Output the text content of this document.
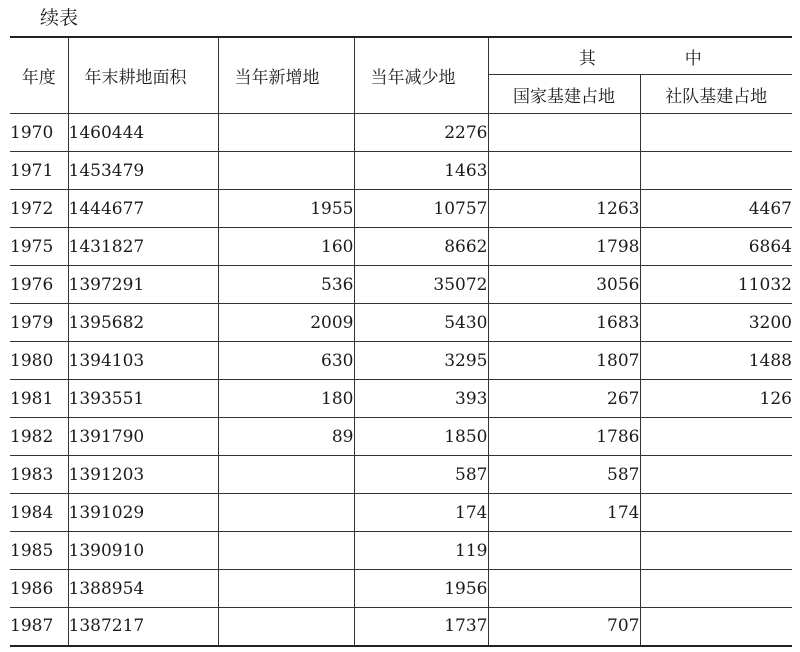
续表
年度	年末耕地面积	当年新增地	当年减少地	其　中	
				国家基建占地	社队基建占地
1970	1460444		2276		
1971	1453479		1463		
1972	1444677	1955	10757	1263	4467
1975	1431827	160	8662	1798	6864
1976	1397291	536	35072	3056	11032
1979	1395682	2009	5430	1683	3200
1980	1394103	630	3295	1807	1488
1981	1393551	180	393	267	126
1982	1391790	89	1850	1786	
1983	1391203		587	587	
1984	1391029		174	174	
1985	1390910		119		
1986	1388954		1956		
1987	1387217		1737	707	
